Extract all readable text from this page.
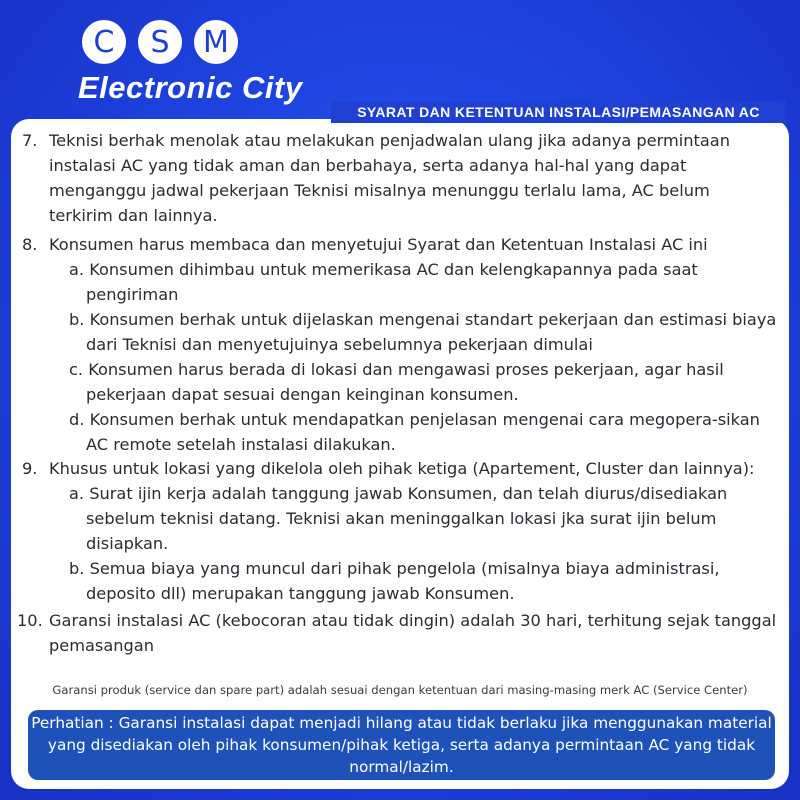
C	S	M
Electronic City
7. Teknisi berhak menolak atau melakukan penjadwalan ulang jika adanya permintaan instalasi AC yang tidak aman dan berbahaya, serta adanya hal-hal yang dapat menganggu jadwal pekerjaan Teknisi misalnya menunggu terlalu lama, AC belum terkirim dan lainnya.
8. Konsumen harus membaca dan menyetujui Syarat dan Ketentuan Instalasi AC ini
a. Konsumen dihimbau untuk memerikasa AC dan kelengkapannya pada saat pengiriman
b. Konsumen berhak untuk dijelaskan mengenai standart pekerjaan dan estimasi biaya dari Teknisi dan menyetujuinya sebelumnya pekerjaan dimulai
c. Konsumen harus berada di lokasi dan mengawasi proses pekerjaan, agar hasil pekerjaan dapat sesuai dengan keinginan konsumen.
d. Konsumen berhak untuk mendapatkan penjelasan mengenai cara megopera-sikan AC remote setelah instalasi dilakukan.
9. Khusus untuk lokasi yang dikelola oleh pihak ketiga (Apartement, Cluster dan lainnya):
a. Surat ijin kerja adalah tanggung jawab Konsumen, dan telah diurus/disediakan sebelum teknisi datang. Teknisi akan meninggalkan lokasi jka surat ijin belum disiapkan.
b. Semua biaya yang muncul dari pihak pengelola (misalnya biaya administrasi, deposito dll) merupakan tanggung jawab Konsumen.
10. Garansi instalasi AC (kebocoran atau tidak dingin) adalah 30 hari, terhitung sejak tanggal pemasangan
Garansi produk (service dan spare part) adalah sesuai dengan ketentuan dari masing-masing merk AC (Service Center)
Perhatian : Garansi instalasi dapat menjadi hilang atau tidak berlaku jika menggunakan material yang disediakan oleh pihak konsumen/pihak ketiga, serta adanya permintaan AC yang tidak normal/lazim.
SYARAT DAN KETENTUAN INSTALASI/PEMASANGAN AC
